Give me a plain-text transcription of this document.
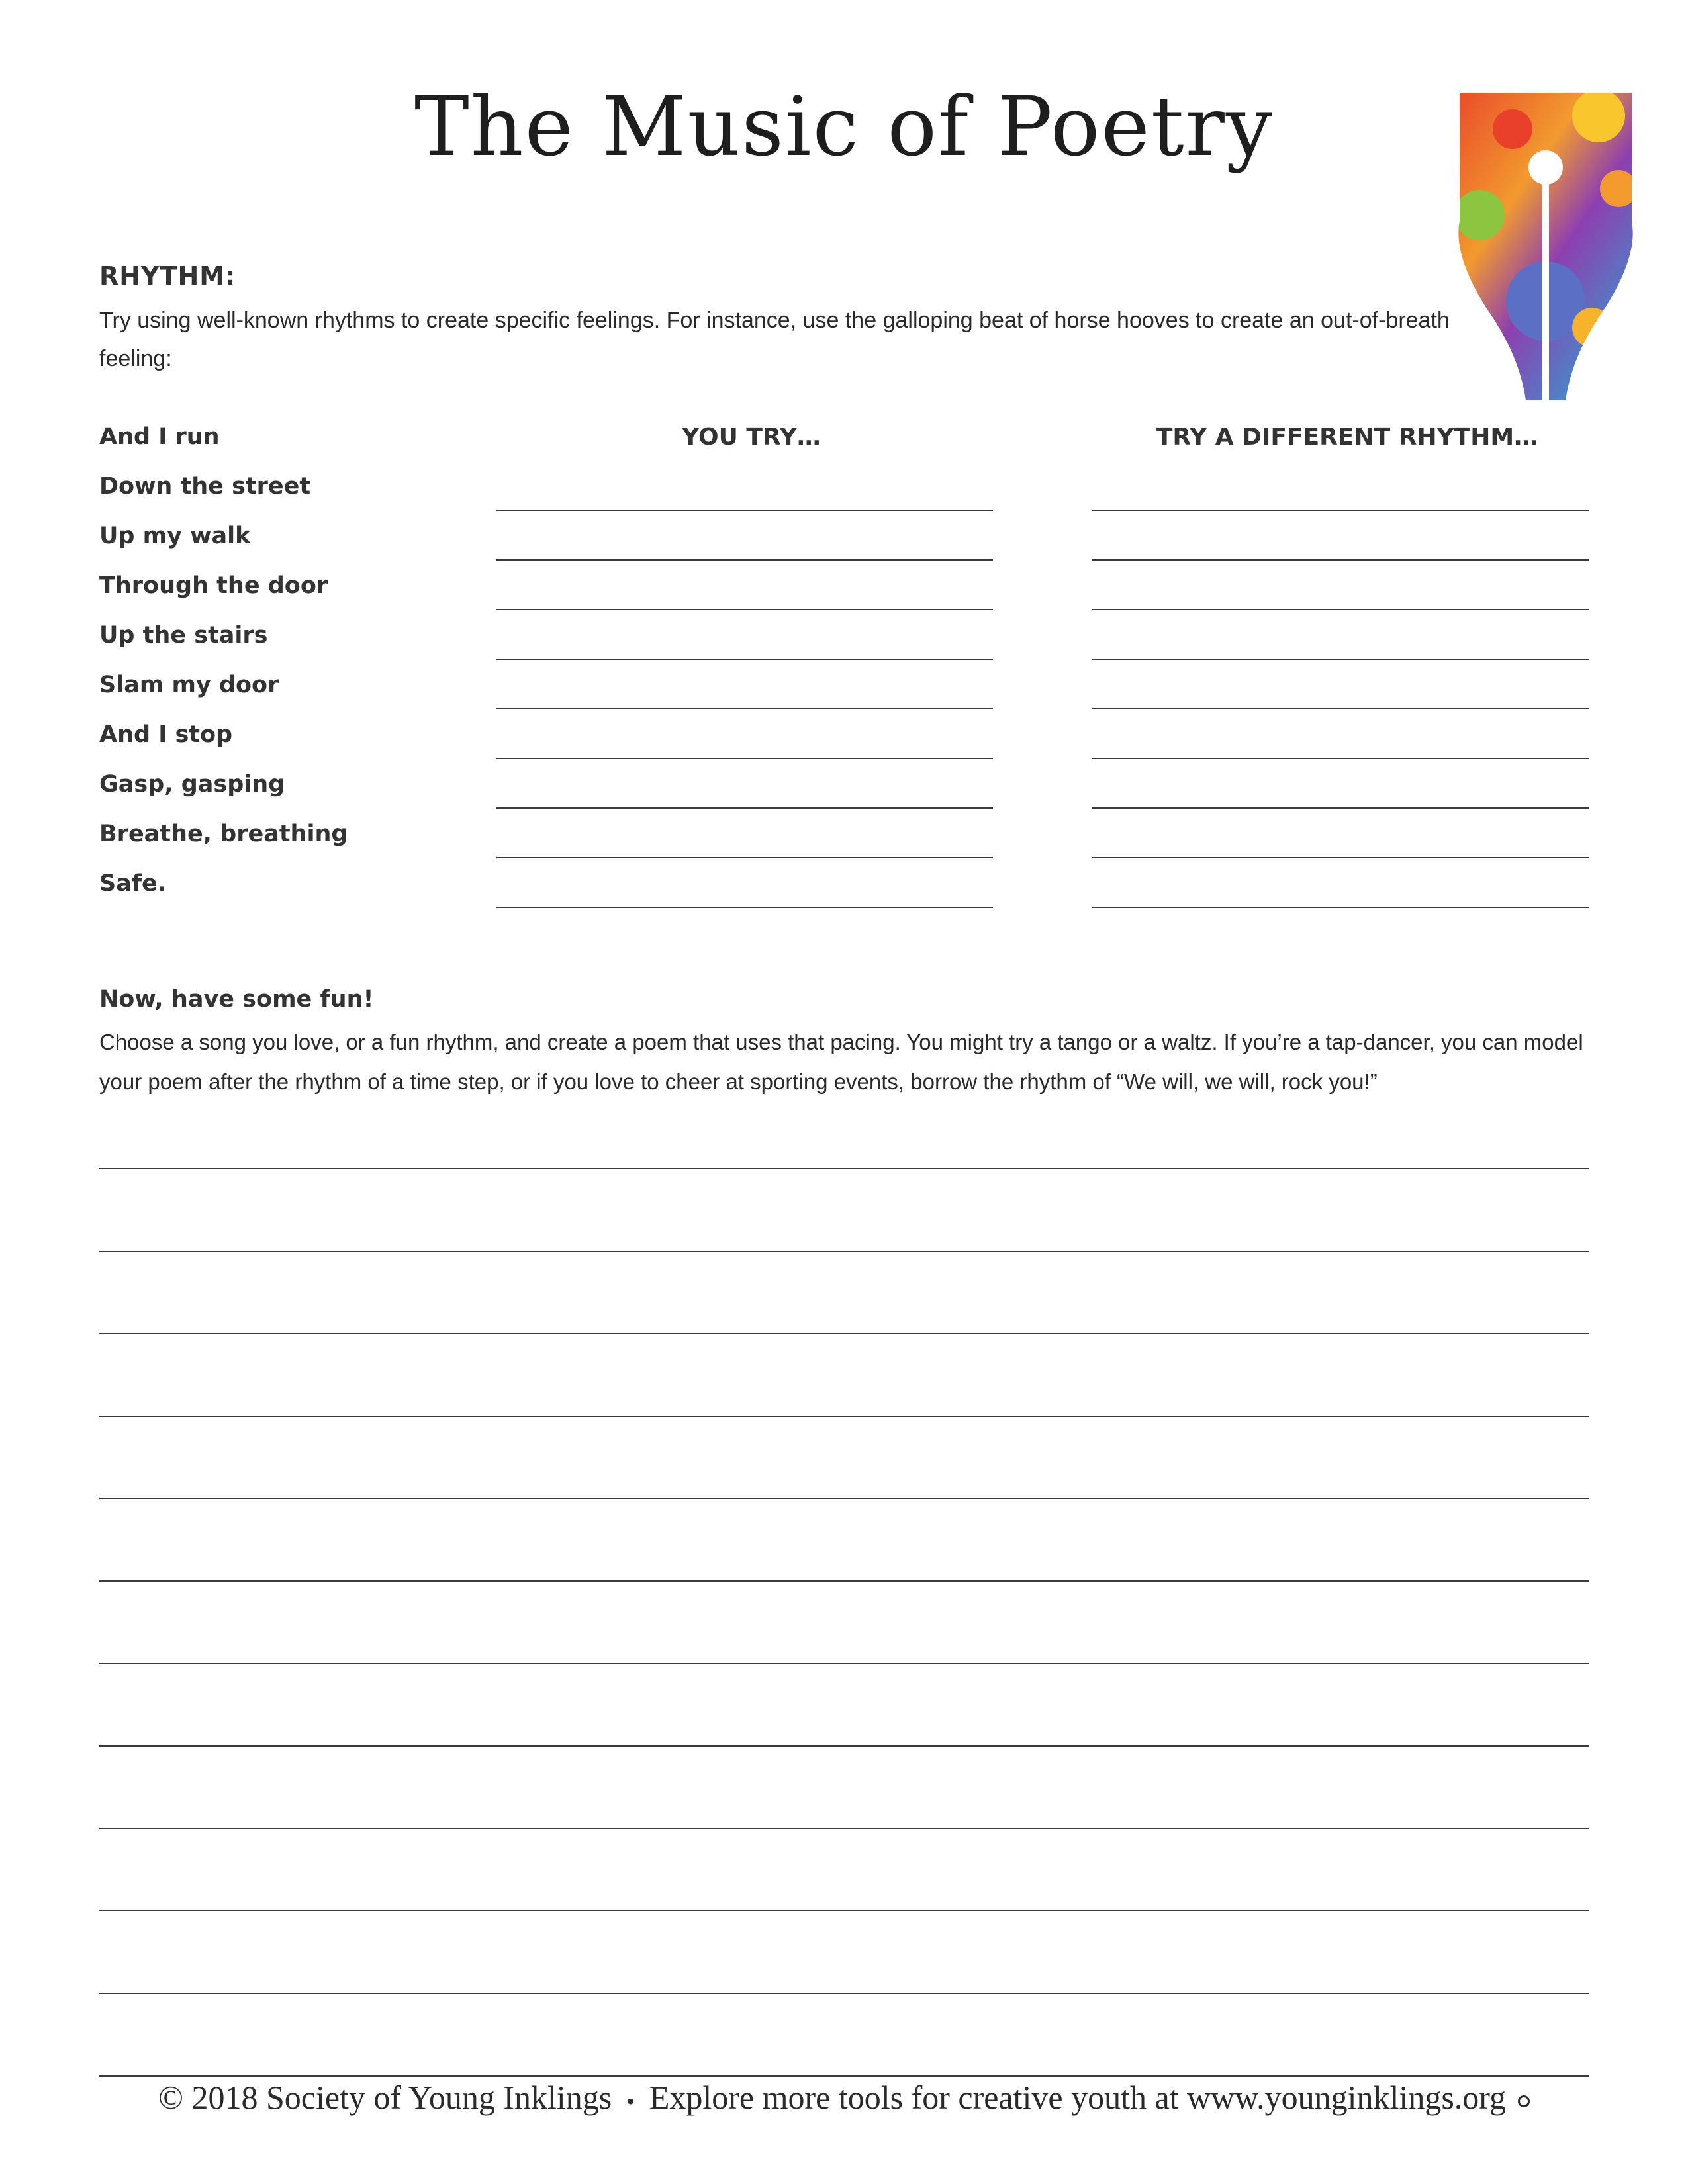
The Music of Poetry
RHYTHM:
Try using well-known rhythms to create specific feelings. For instance, use the galloping beat of horse hooves to create an out-of-breath feeling:
YOU TRY…	TRY A DIFFERENT RHYTHM…
And I run
Down the street
Up my walk
Through the door
Up the stairs
Slam my door
And I stop
Gasp, gasping
Breathe, breathing
Safe.
Now, have some fun!
Choose a song you love, or a fun rhythm, and create a poem that uses that pacing. You might try a tango or a waltz. If you’re a tap-dancer, you can model your poem after the rhythm of a time step, or if you love to cheer at sporting events, borrow the rhythm of “We will, we will, rock you!”
© 2018 Society of Young Inklings • Explore more tools for creative youth at www.younginklings.org
